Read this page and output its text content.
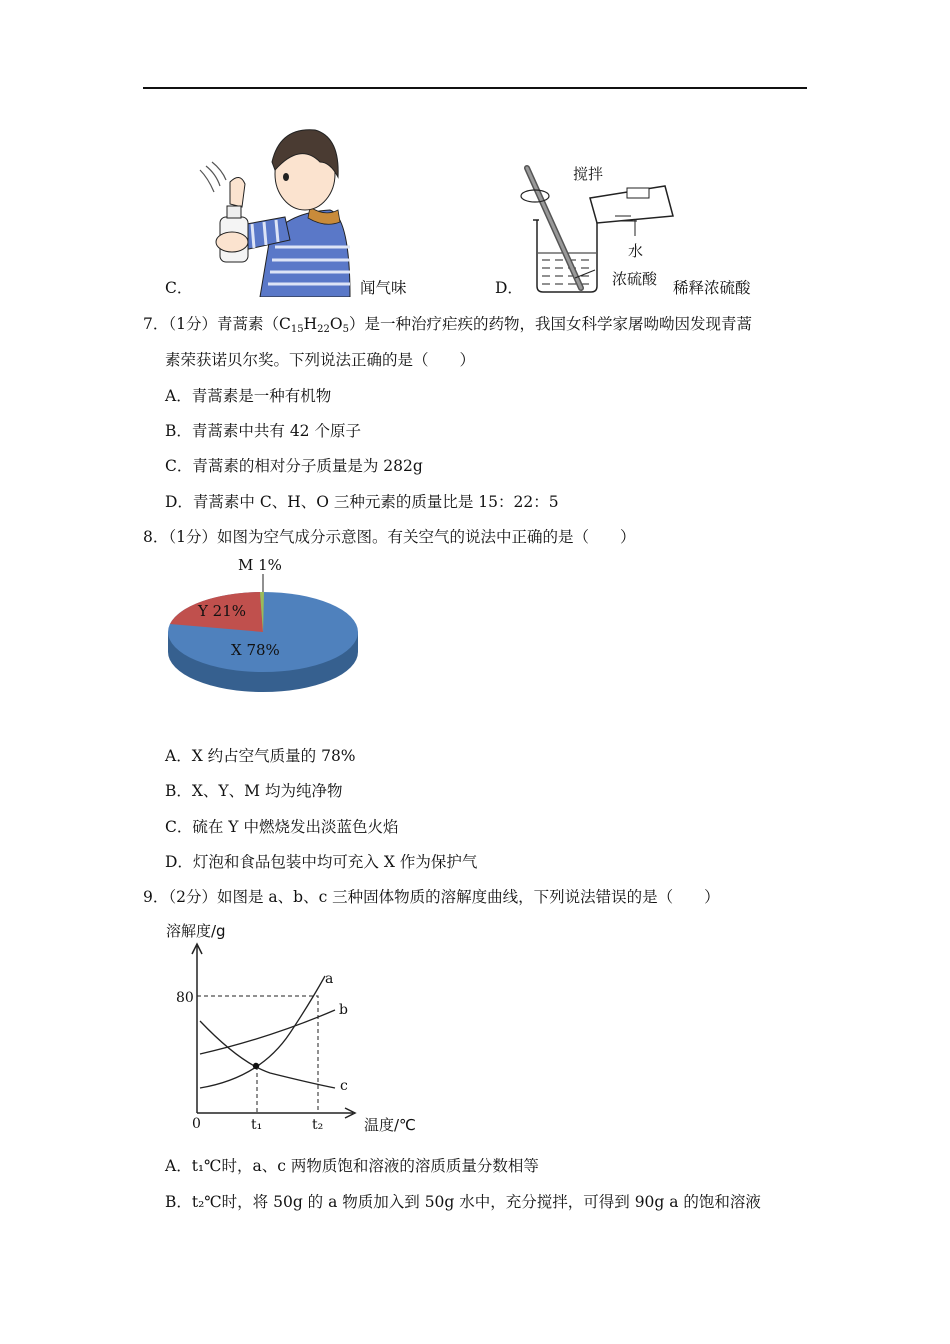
C．	闻气味
搅拌
水
浓硫酸
D．	稀释浓硫酸
7．（1分）青蒿素$(C_{15}H_{22}O_5)$是一种治疗疟疾的药物，我国女科学家屠呦呦因发现青蒿
素荣获诺贝尔奖。下列说法正确的是（　　）
A．青蒿素是一种有机物
B．青蒿素中共有 42 个原子
C．青蒿素的相对分子质量是为 282g
D．青蒿素中 C、H、O 三种元素的质量比是 15：22：5
8．（1分）如图为空气成分示意图。有关空气的说法中正确的是（　　）
M 1%
Y 21%
X 78%
A．X 约占空气质量的 78%
B．X、Y、M 均为纯净物
C．硫在 Y 中燃烧发出淡蓝色火焰
D．灯泡和食品包装中均可充入 X 作为保护气
9．（2分）如图是 a、b、c 三种固体物质的溶解度曲线，下列说法错误的是（　　）
溶解度/g
80
0	t₁	t₂	温度/℃
a
b
c
A．t₁℃时，a、c 两物质饱和溶液的溶质质量分数相等
B．t₂℃时，将 50g 的 a 物质加入到 50g 水中，充分搅拌，可得到 90g a 的饱和溶液
